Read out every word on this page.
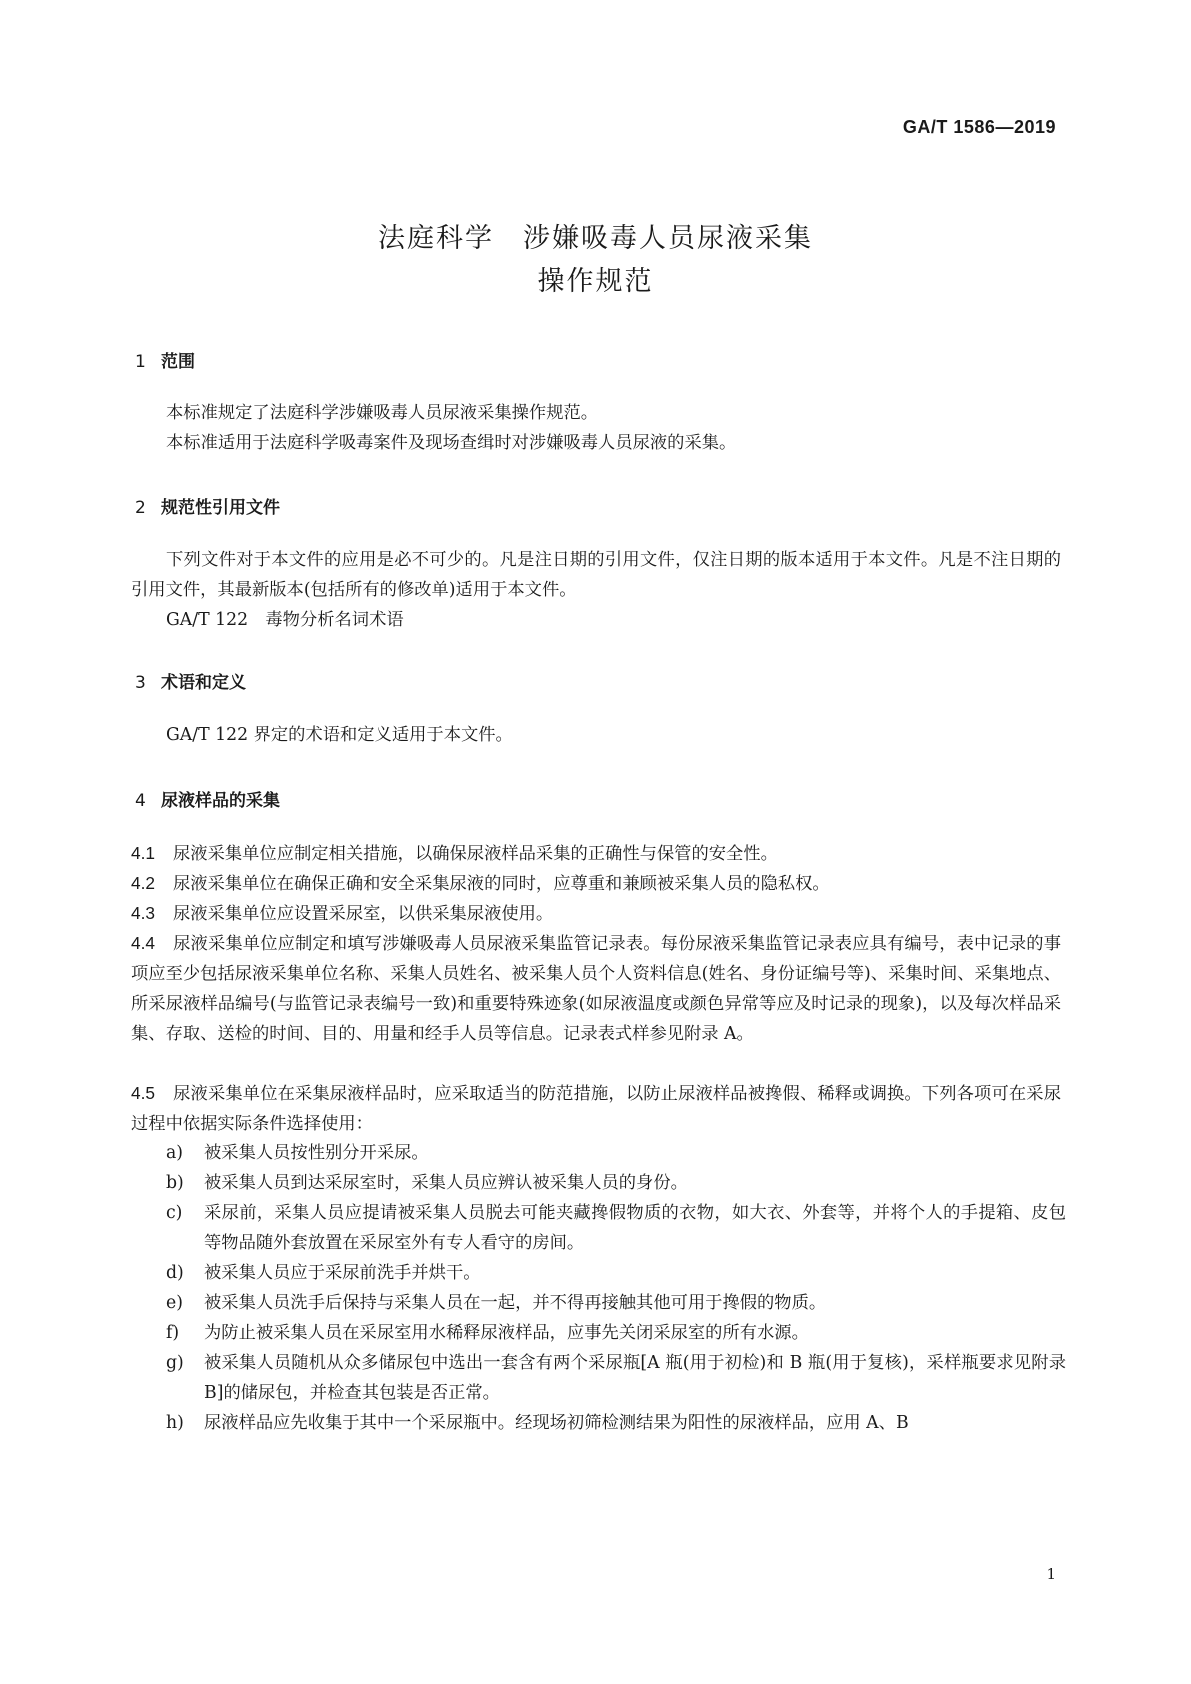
GA/T 1586—2019
法庭科学　涉嫌吸毒人员尿液采集
操作规范
1 范围
本标准规定了法庭科学涉嫌吸毒人员尿液采集操作规范。
本标准适用于法庭科学吸毒案件及现场查缉时对涉嫌吸毒人员尿液的采集。
2 规范性引用文件
下列文件对于本文件的应用是必不可少的。凡是注日期的引用文件，仅注日期的版本适用于本文件。凡是不注日期的引用文件，其最新版本(包括所有的修改单)适用于本文件。
GA/T 122　毒物分析名词术语
3 术语和定义
GA/T 122 界定的术语和定义适用于本文件。
4 尿液样品的采集
4.1 尿液采集单位应制定相关措施，以确保尿液样品采集的正确性与保管的安全性。
4.2 尿液采集单位在确保正确和安全采集尿液的同时，应尊重和兼顾被采集人员的隐私权。
4.3 尿液采集单位应设置采尿室，以供采集尿液使用。
4.4 尿液采集单位应制定和填写涉嫌吸毒人员尿液采集监管记录表。每份尿液采集监管记录表应具有编号，表中记录的事项应至少包括尿液采集单位名称、采集人员姓名、被采集人员个人资料信息(姓名、身份证编号等)、采集时间、采集地点、所采尿液样品编号(与监管记录表编号一致)和重要特殊迹象(如尿液温度或颜色异常等应及时记录的现象)，以及每次样品采集、存取、送检的时间、目的、用量和经手人员等信息。记录表式样参见附录 A。
4.5 尿液采集单位在采集尿液样品时，应采取适当的防范措施，以防止尿液样品被搀假、稀释或调换。下列各项可在采尿过程中依据实际条件选择使用：
a)	被采集人员按性别分开采尿。
b)	被采集人员到达采尿室时，采集人员应辨认被采集人员的身份。
c)	采尿前，采集人员应提请被采集人员脱去可能夹藏搀假物质的衣物，如大衣、外套等，并将个人的手提箱、皮包等物品随外套放置在采尿室外有专人看守的房间。
d)	被采集人员应于采尿前洗手并烘干。
e)	被采集人员洗手后保持与采集人员在一起，并不得再接触其他可用于搀假的物质。
f)	为防止被采集人员在采尿室用水稀释尿液样品，应事先关闭采尿室的所有水源。
g)	被采集人员随机从众多储尿包中选出一套含有两个采尿瓶[A 瓶(用于初检)和 B 瓶(用于复核)，采样瓶要求见附录 B]的储尿包，并检查其包装是否正常。
h)	尿液样品应先收集于其中一个采尿瓶中。经现场初筛检测结果为阳性的尿液样品，应用 A、B
1
